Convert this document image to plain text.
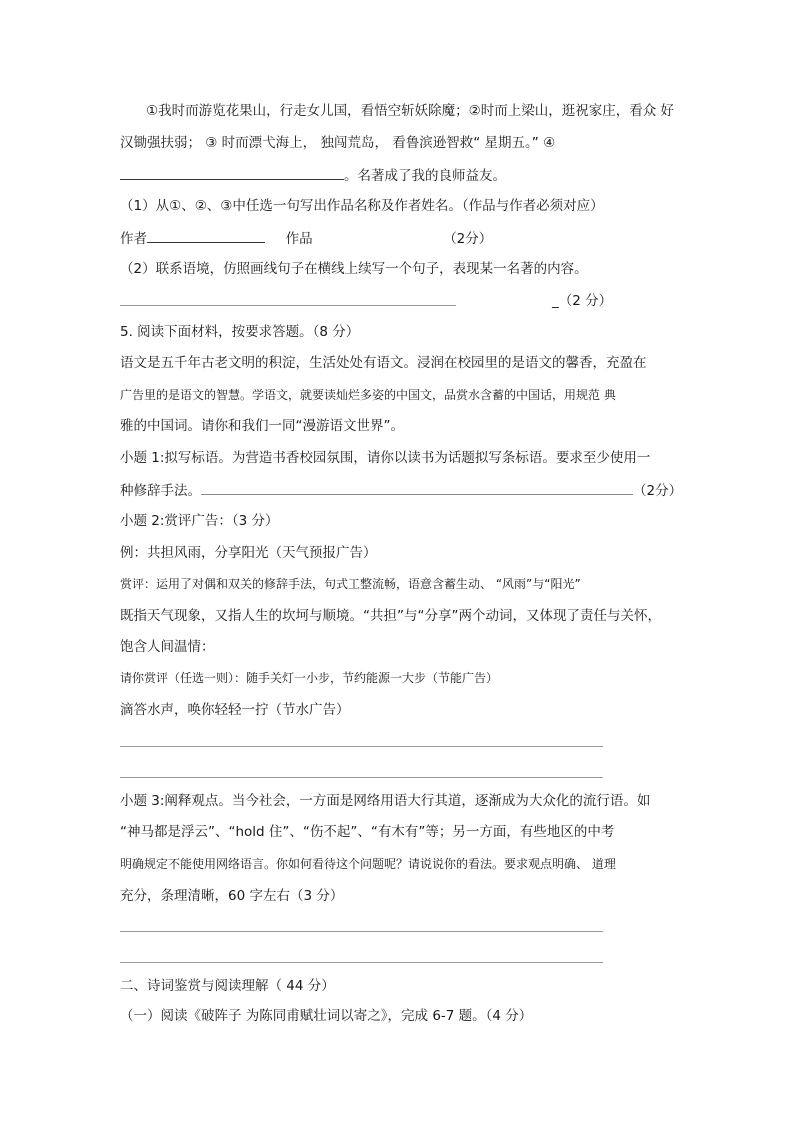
①我时而游览花果山，行走女儿国，看悟空斩妖除魔；②时而上梁山，逛祝家庄，看众 好
汉锄强扶弱； ③ 时而漂弋海上， 独闯荒岛， 看鲁滨逊智救“ 星期五。” ④
。名著成了我的良师益友。
（1）从①、②、③中任选一句写出作品名称及作者姓名。（作品与作者必须对应）
作者	作品	（2分）
（2）联系语境，仿照画线句子在横线上续写一个句子，表现某一名著的内容。
_（2 分）
5. 阅读下面材料，按要求答题。（8 分）
语文是五千年古老文明的积淀，生活处处有语文。浸润在校园里的是语文的馨香，充盈在
广告里的是语文的智慧。学语文，就要读灿烂多姿的中国文，品赏水含蓄的中国话，用规范 典
雅的中国词。请你和我们一同“漫游语文世界”。
小题 1:拟写标语。为营造书香校园氛围，请你以读书为话题拟写条标语。要求至少使用一
种修辞手法。	（2分）
小题 2:赏评广告：（3 分）
例：共担风雨，分享阳光（天气预报广告）
赏评：运用了对偶和双关的修辞手法，句式工整流畅，语意含蓄生动、 “风雨”与“阳光”
既指天气现象，又指人生的坎坷与顺境。“共担”与“分享”两个动词，又体现了责任与关怀，
饱含人间温情：
请你赏评（任选一则）：随手关灯一小步，节约能源一大步（节能广告）
滴答水声，唤你轻轻一拧（节水广告）
小题 3:阐释观点。当今社会，一方面是网络用语大行其道，逐渐成为大众化的流行语。如
“神马都是浮云”、“hold 住”、“伤不起”、“有木有”等；另一方面，有些地区的中考
明确规定不能使用网络语言。你如何看待这个问题呢？请说说你的看法。要求观点明确、 道理
充分，条理清晰，60 字左右（3 分）
二、诗词鉴赏与阅读理解（ 44 分）
（一）阅读《破阵子 为陈同甫赋壮词以寄之》，完成 6-7 题。（4 分）
